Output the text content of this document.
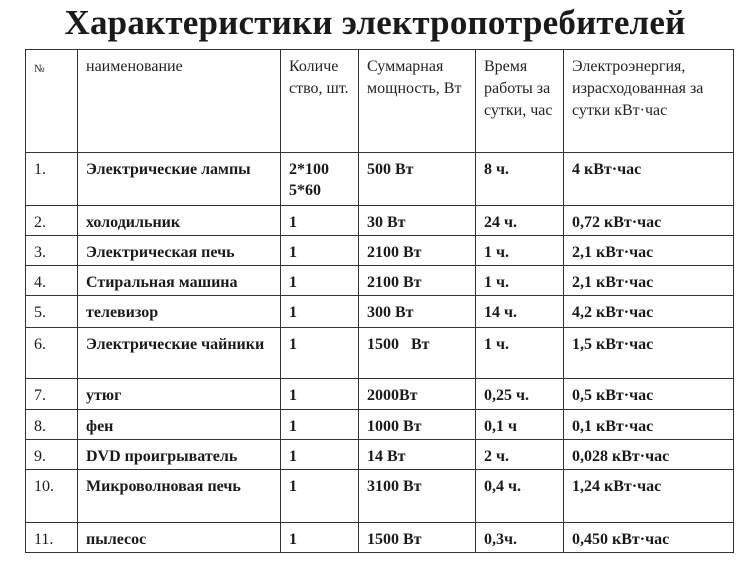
Характеристики электропотребителей
№	наименование	Количе ство, шт.	Суммарная мощность, Вт	Время работы за сутки, час	Электроэнергия, израсходованная за сутки кВт·час
1.	Электрические лампы	2*100 5*60	500 Вт	8 ч.	4 кВт·час
2.	холодильник	1	30 Вт	24 ч.	0,72 кВт·час
3.	Электрическая печь	1	2100 Вт	1 ч.	2,1 кВт·час
4.	Стиральная машина	1	2100 Вт	1 ч.	2,1 кВт·час
5.	телевизор	1	300 Вт	14 ч.	4,2 кВт·час
6.	Электрические чайники	1	1500   Вт	1 ч.	1,5 кВт·час
7.	утюг	1	2000Вт	0,25 ч.	0,5 кВт·час
8.	фен	1	1000 Вт	0,1 ч	0,1 кВт·час
9.	DVD проигрыватель	1	14 Вт	2 ч.	0,028 кВт·час
10.	Микроволновая печь	1	3100 Вт	0,4 ч.	1,24 кВт·час
11.	пылесос	1	1500 Вт	0,3ч.	0,450 кВт·час
